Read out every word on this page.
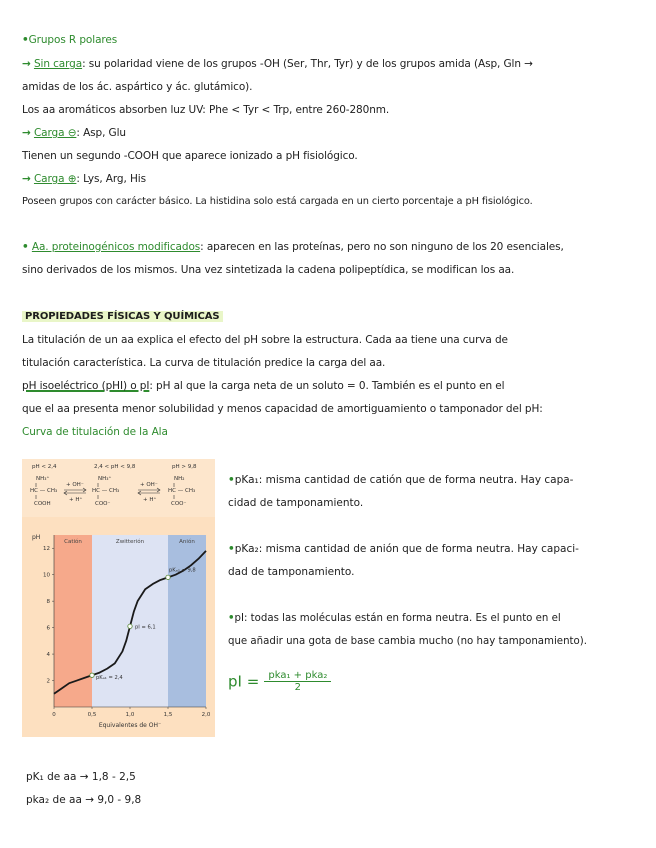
•Grupos R polares
→ Sin carga: su polaridad viene de los grupos -OH (Ser, Thr, Tyr) y de los grupos amida (Asp, Gln →
amidas de los ác. aspártico y ác. glutámico).
Los aa aromáticos absorben luz UV: Phe < Tyr < Trp, entre 260-280nm.
→ Carga ⊖: Asp, Glu
Tienen un segundo -COOH que aparece ionizado a pH fisiológico.
→ Carga ⊕: Lys, Arg, His
Poseen grupos con carácter básico. La histidina solo está cargada en un cierto porcentaje a pH fisiológico.
• Aa. proteinogénicos modificados: aparecen en las proteínas, pero no son ninguno de los 20 esenciales,
sino derivados de los mismos. Una vez sintetizada la cadena polipeptídica, se modifican los aa.
PROPIEDADES FÍSICAS Y QUÍMICAS
La titulación de un aa explica el efecto del pH sobre la estructura. Cada aa tiene una curva de
titulación característica. La curva de titulación predice la carga del aa.
pH isoeléctrico (pHI) o pI: pH al que la carga neta de un soluto = 0. También es el punto en el
que el aa presenta menor solubilidad y menos capacidad de amortiguamiento o tamponador del pH:
Curva de titulación de la Ala
pH < 2,4	2,4 < pH < 9,8	pH > 9,8
NH₃⁺
HC — CH₃
COOH
NH₃⁺
HC — CH₃
COO⁻
NH₂
HC — CH₃
COO⁻
+ OH⁻
+ H⁺
+ OH⁻
+ H⁺
Catión	Zwitterión	Anión
12
10
8
6
4
2
0	0,5	1,0	1,5	2,0
pH
Equivalentes de OH⁻
pKₐ₁ = 2,4
pI = 6,1
pKₐ₂ = 9,8
•pKa₁: misma cantidad de catión que de forma neutra. Hay capa-
cidad de tamponamiento.
•pKa₂: misma cantidad de anión que de forma neutra. Hay capaci-
dad de tamponamiento.
•pI: todas las moléculas están en forma neutra. Es el punto en el
que añadir una gota de base cambia mucho (no hay tamponamiento).
pI = pka₁ + pka₂
2
pK₁ de aa → 1,8 - 2,5
pka₂ de aa → 9,0 - 9,8
